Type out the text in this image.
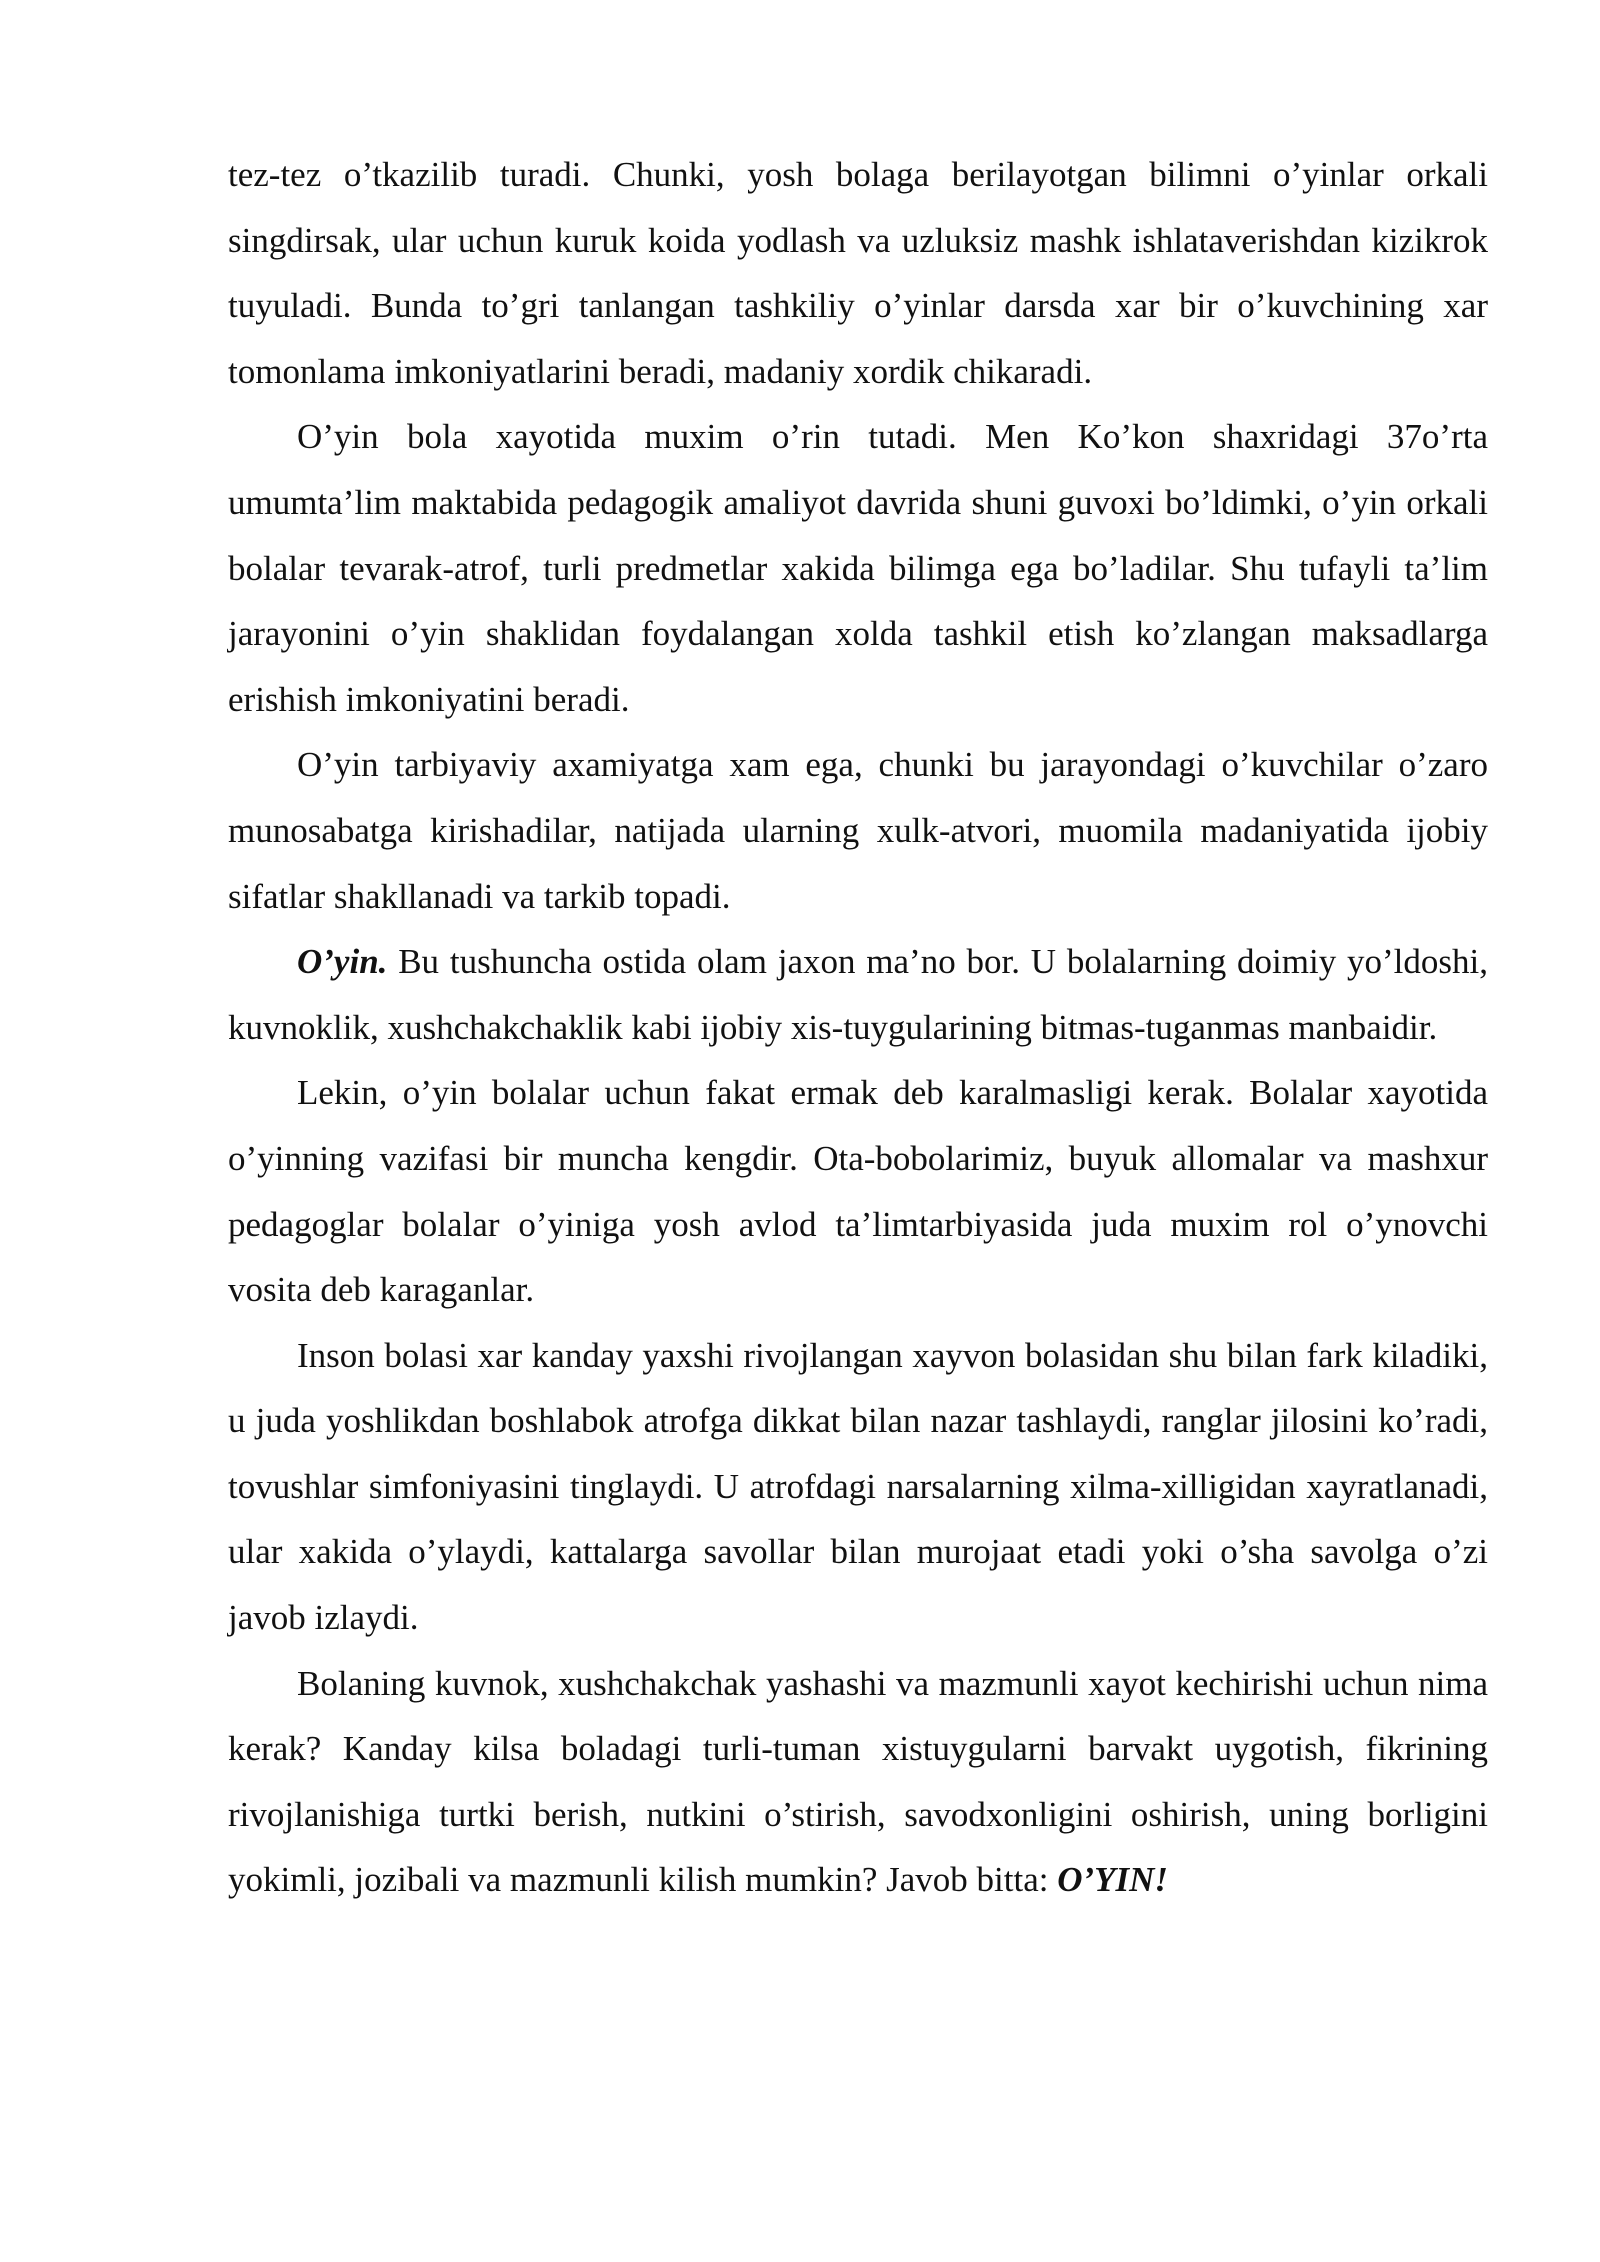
tez-tez o’tkazilib turadi. Chunki, yosh bolaga berilayotgan bilimni o’yinlar orkali singdirsak, ular uchun kuruk koida yodlash va uzluksiz mashk ishlataverishdan kizikrok tuyuladi. Bunda to’gri tanlangan tashkiliy o’yinlar darsda xar bir o’kuvchining xar tomonlama imkoniyatlarini beradi, madaniy xordik chikaradi.

O’yin bola xayotida muxim o’rin tutadi. Men Ko’kon shaxridagi 37o’rta umumta’lim maktabida pedagogik amaliyot davrida shuni guvoxi bo’ldimki, o’yin orkali bolalar tevarak-atrof, turli predmetlar xakida bilimga ega bo’ladilar. Shu tufayli ta’lim jarayonini o’yin shaklidan foydalangan xolda tashkil etish ko’zlangan maksadlarga erishish imkoniyatini beradi.

O’yin tarbiyaviy axamiyatga xam ega, chunki bu jarayondagi o’kuvchilar o’zaro munosabatga kirishadilar, natijada ularning xulk-atvori, muomila madaniyatida ijobiy sifatlar shakllanadi va tarkib topadi.

O’yin. Bu tushuncha ostida olam jaxon ma’no bor. U bolalarning doimiy yo’ldoshi, kuvnoklik, xushchakchaklik kabi ijobiy xis-tuygularining bitmas-tuganmas manbaidir.

Lekin, o’yin bolalar uchun fakat ermak deb karalmasligi kerak. Bolalar xayotida o’yinning vazifasi bir muncha kengdir. Ota-bobolarimiz, buyuk allomalar va mashxur pedagoglar bolalar o’yiniga yosh avlod ta’limtarbiyasida juda muxim rol o’ynovchi vosita deb karaganlar.

Inson bolasi xar kanday yaxshi rivojlangan xayvon bolasidan shu bilan fark kiladiki, u juda yoshlikdan boshlabok atrofga dikkat bilan nazar tashlaydi, ranglar jilosini ko’radi, tovushlar simfoniyasini tinglaydi. U atrofdagi narsalarning xilma-xilligidan xayratlanadi, ular xakida o’ylaydi, kattalarga savollar bilan murojaat etadi yoki o’sha savolga o’zi javob izlaydi.

Bolaning kuvnok, xushchakchak yashashi va mazmunli xayot kechirishi uchun nima kerak? Kanday kilsa boladagi turli-tuman xistuygularni barvakt uygotish, fikrining rivojlanishiga turtki berish, nutkini o’stirish, savodxonligini oshirish, uning borligini yokimli, jozibali va mazmunli kilish mumkin? Javob bitta: O’YIN!
